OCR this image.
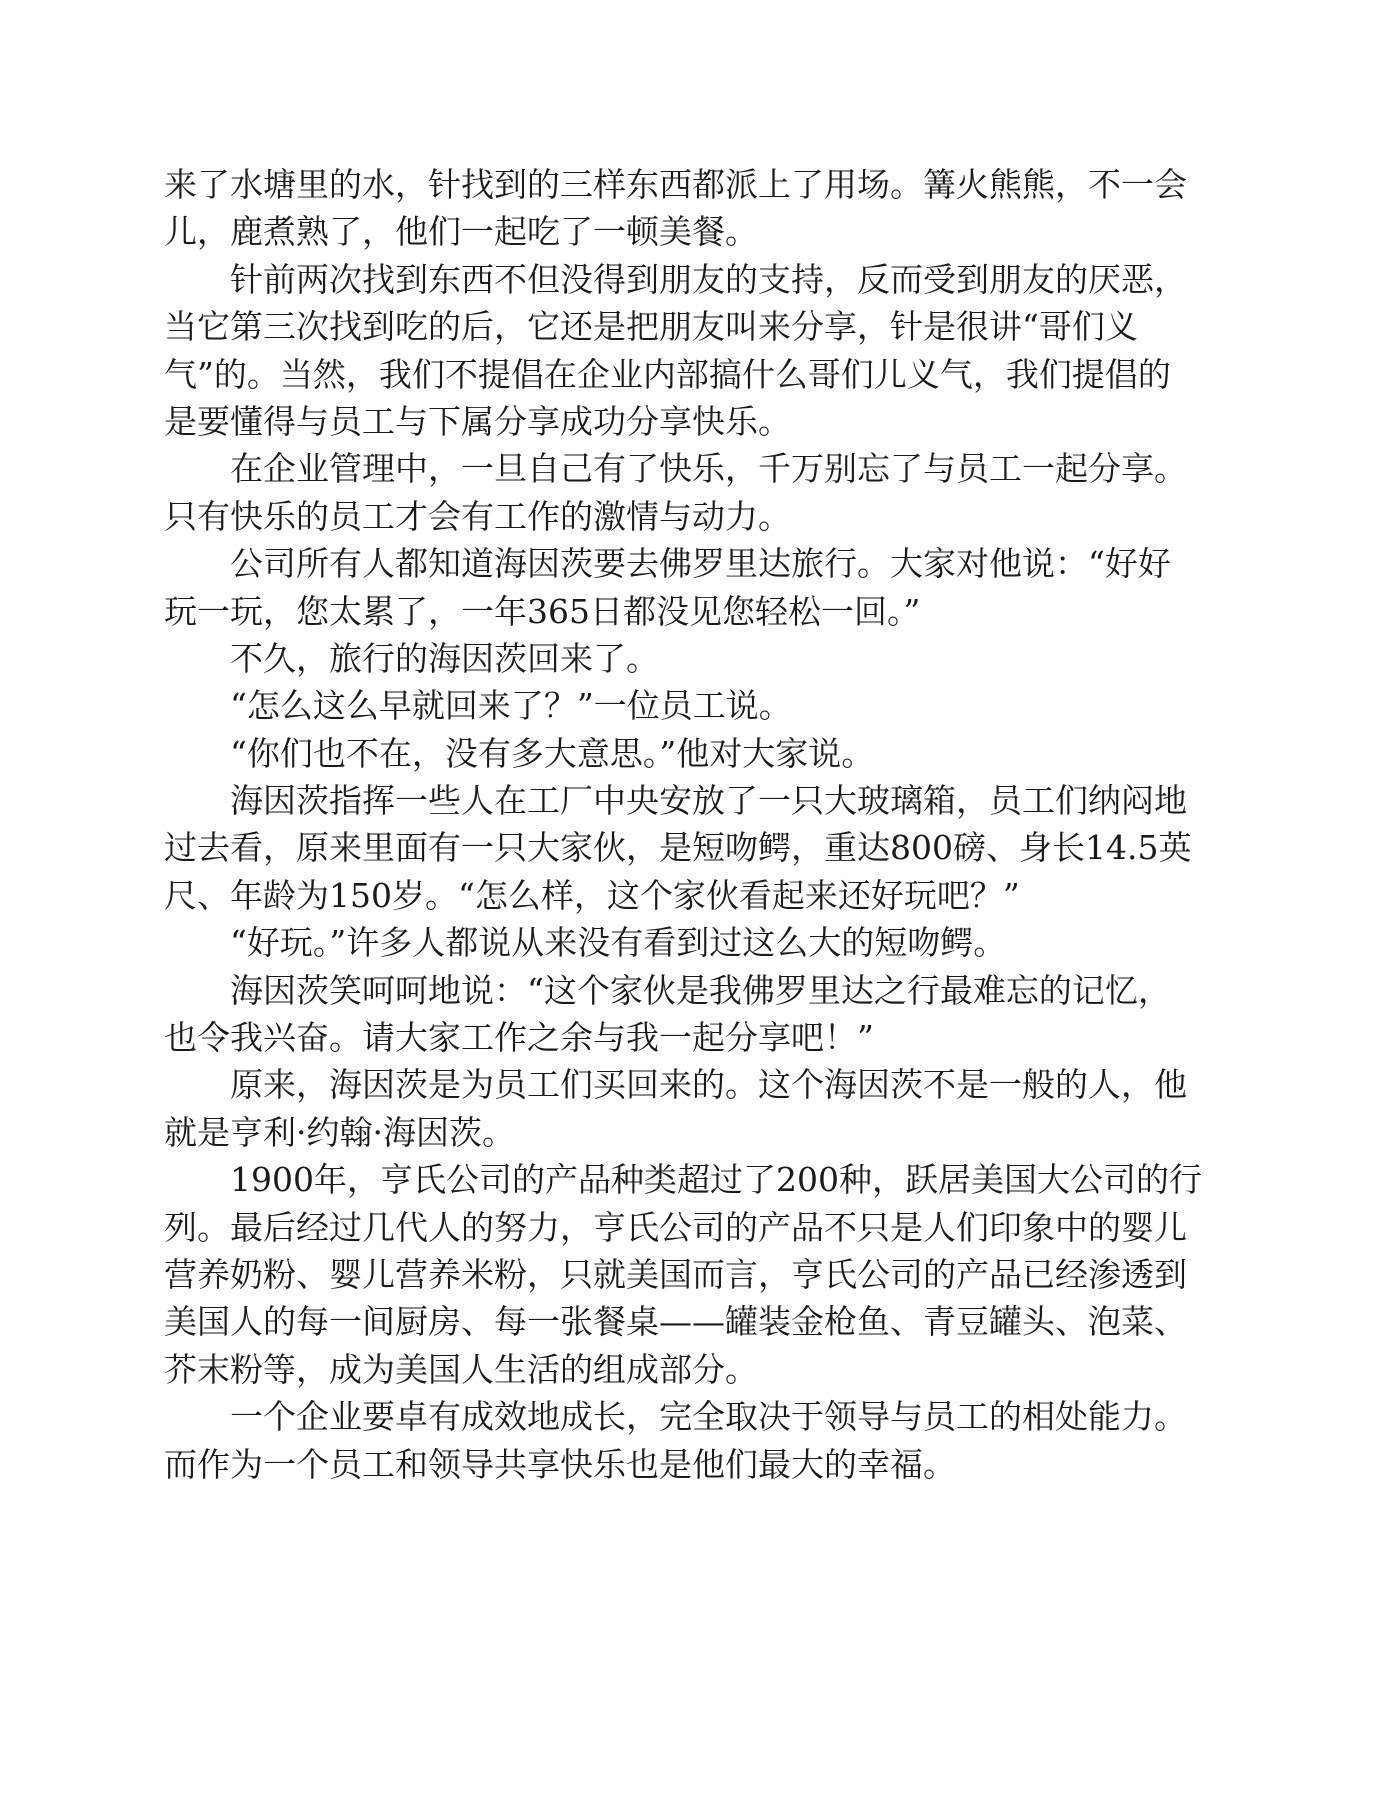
来了水塘里的水，针找到的三样东西都派上了用场。篝火熊熊，不一会
儿，鹿煮熟了，他们一起吃了一顿美餐。
针前两次找到东西不但没得到朋友的支持，反而受到朋友的厌恶，
当它第三次找到吃的后，它还是把朋友叫来分享，针是很讲“哥们义
气”的。当然，我们不提倡在企业内部搞什么哥们儿义气，我们提倡的
是要懂得与员工与下属分享成功分享快乐。
在企业管理中，一旦自己有了快乐，千万别忘了与员工一起分享。
只有快乐的员工才会有工作的激情与动力。
公司所有人都知道海因茨要去佛罗里达旅行。大家对他说：“好好
玩一玩，您太累了，一年365日都没见您轻松一回。”
不久，旅行的海因茨回来了。
“怎么这么早就回来了？”一位员工说。
“你们也不在，没有多大意思。”他对大家说。
海因茨指挥一些人在工厂中央安放了一只大玻璃箱，员工们纳闷地
过去看，原来里面有一只大家伙，是短吻鳄，重达800磅、身长14.5英
尺、年龄为150岁。“怎么样，这个家伙看起来还好玩吧？”
“好玩。”许多人都说从来没有看到过这么大的短吻鳄。
海因茨笑呵呵地说：“这个家伙是我佛罗里达之行最难忘的记忆，
也令我兴奋。请大家工作之余与我一起分享吧！”
原来，海因茨是为员工们买回来的。这个海因茨不是一般的人，他
就是亨利·约翰·海因茨。
1900年，亨氏公司的产品种类超过了200种，跃居美国大公司的行
列。最后经过几代人的努力，亨氏公司的产品不只是人们印象中的婴儿
营养奶粉、婴儿营养米粉，只就美国而言，亨氏公司的产品已经渗透到
美国人的每一间厨房、每一张餐桌——罐装金枪鱼、青豆罐头、泡菜、
芥末粉等，成为美国人生活的组成部分。
一个企业要卓有成效地成长，完全取决于领导与员工的相处能力。
而作为一个员工和领导共享快乐也是他们最大的幸福。
